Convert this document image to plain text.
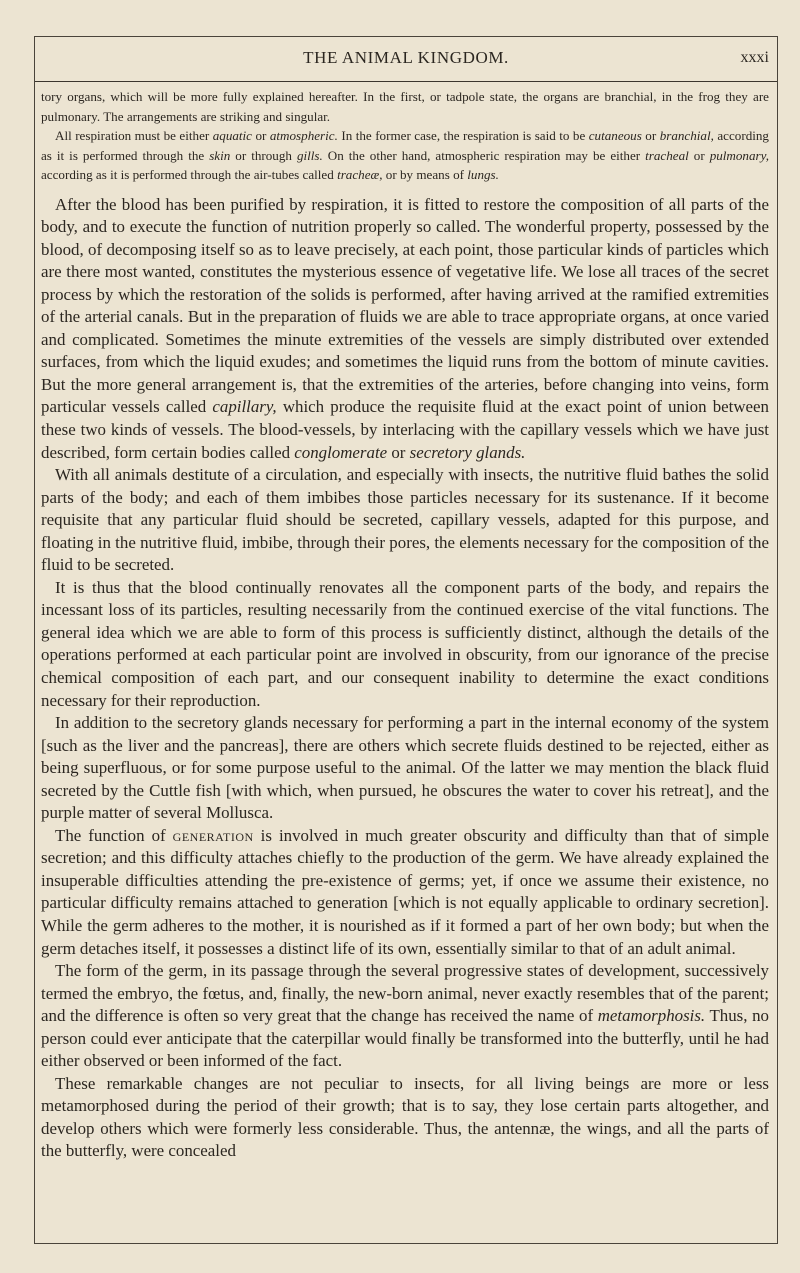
THE ANIMAL KINGDOM.	xxxi

tory organs, which will be more fully explained hereafter. In the first, or tadpole state, the organs are branchial, in the frog they are pulmonary. The arrangements are striking and singular.

All respiration must be either aquatic or atmospheric. In the former case, the respiration is said to be cutaneous or branchial, according as it is performed through the skin or through gills. On the other hand, atmospheric respiration may be either tracheal or pulmonary, according as it is performed through the air-tubes called tracheæ, or by means of lungs.

After the blood has been purified by respiration, it is fitted to restore the composition of all parts of the body, and to execute the function of nutrition properly so called. The wonderful property, possessed by the blood, of decomposing itself so as to leave precisely, at each point, those particular kinds of particles which are there most wanted, constitutes the mysterious essence of vegetative life. We lose all traces of the secret process by which the restoration of the solids is performed, after having arrived at the ramified extremities of the arterial canals. But in the preparation of fluids we are able to trace appropriate organs, at once varied and complicated. Sometimes the minute extremities of the vessels are simply distributed over extended surfaces, from which the liquid exudes; and sometimes the liquid runs from the bottom of minute cavities. But the more general arrangement is, that the extremities of the arteries, before changing into veins, form particular vessels called capillary, which produce the requisite fluid at the exact point of union between these two kinds of vessels. The blood-vessels, by interlacing with the capillary vessels which we have just described, form certain bodies called conglomerate or secretory glands.

With all animals destitute of a circulation, and especially with insects, the nutritive fluid bathes the solid parts of the body; and each of them imbibes those particles necessary for its sustenance. If it become requisite that any particular fluid should be secreted, capillary vessels, adapted for this purpose, and floating in the nutritive fluid, imbibe, through their pores, the elements necessary for the composition of the fluid to be secreted.

It is thus that the blood continually renovates all the component parts of the body, and repairs the incessant loss of its particles, resulting necessarily from the continued exercise of the vital functions. The general idea which we are able to form of this process is sufficiently distinct, although the details of the operations performed at each particular point are involved in obscurity, from our ignorance of the precise chemical composition of each part, and our consequent inability to determine the exact conditions necessary for their reproduction.

In addition to the secretory glands necessary for performing a part in the internal economy of the system [such as the liver and the pancreas], there are others which secrete fluids destined to be rejected, either as being superfluous, or for some purpose useful to the animal. Of the latter we may mention the black fluid secreted by the Cuttle fish [with which, when pursued, he obscures the water to cover his retreat], and the purple matter of several Mollusca.

The function of generation is involved in much greater obscurity and difficulty than that of simple secretion; and this difficulty attaches chiefly to the production of the germ. We have already explained the insuperable difficulties attending the pre-existence of germs; yet, if once we assume their existence, no particular difficulty remains attached to generation [which is not equally applicable to ordinary secretion]. While the germ adheres to the mother, it is nourished as if it formed a part of her own body; but when the germ detaches itself, it possesses a distinct life of its own, essentially similar to that of an adult animal.

The form of the germ, in its passage through the several progressive states of development, successively termed the embryo, the fœtus, and, finally, the new-born animal, never exactly resembles that of the parent; and the difference is often so very great that the change has received the name of metamorphosis. Thus, no person could ever anticipate that the caterpillar would finally be transformed into the butterfly, until he had either observed or been informed of the fact.

These remarkable changes are not peculiar to insects, for all living beings are more or less metamorphosed during the period of their growth; that is to say, they lose certain parts altogether, and develop others which were formerly less considerable. Thus, the antennæ, the wings, and all the parts of the butterfly, were concealed
